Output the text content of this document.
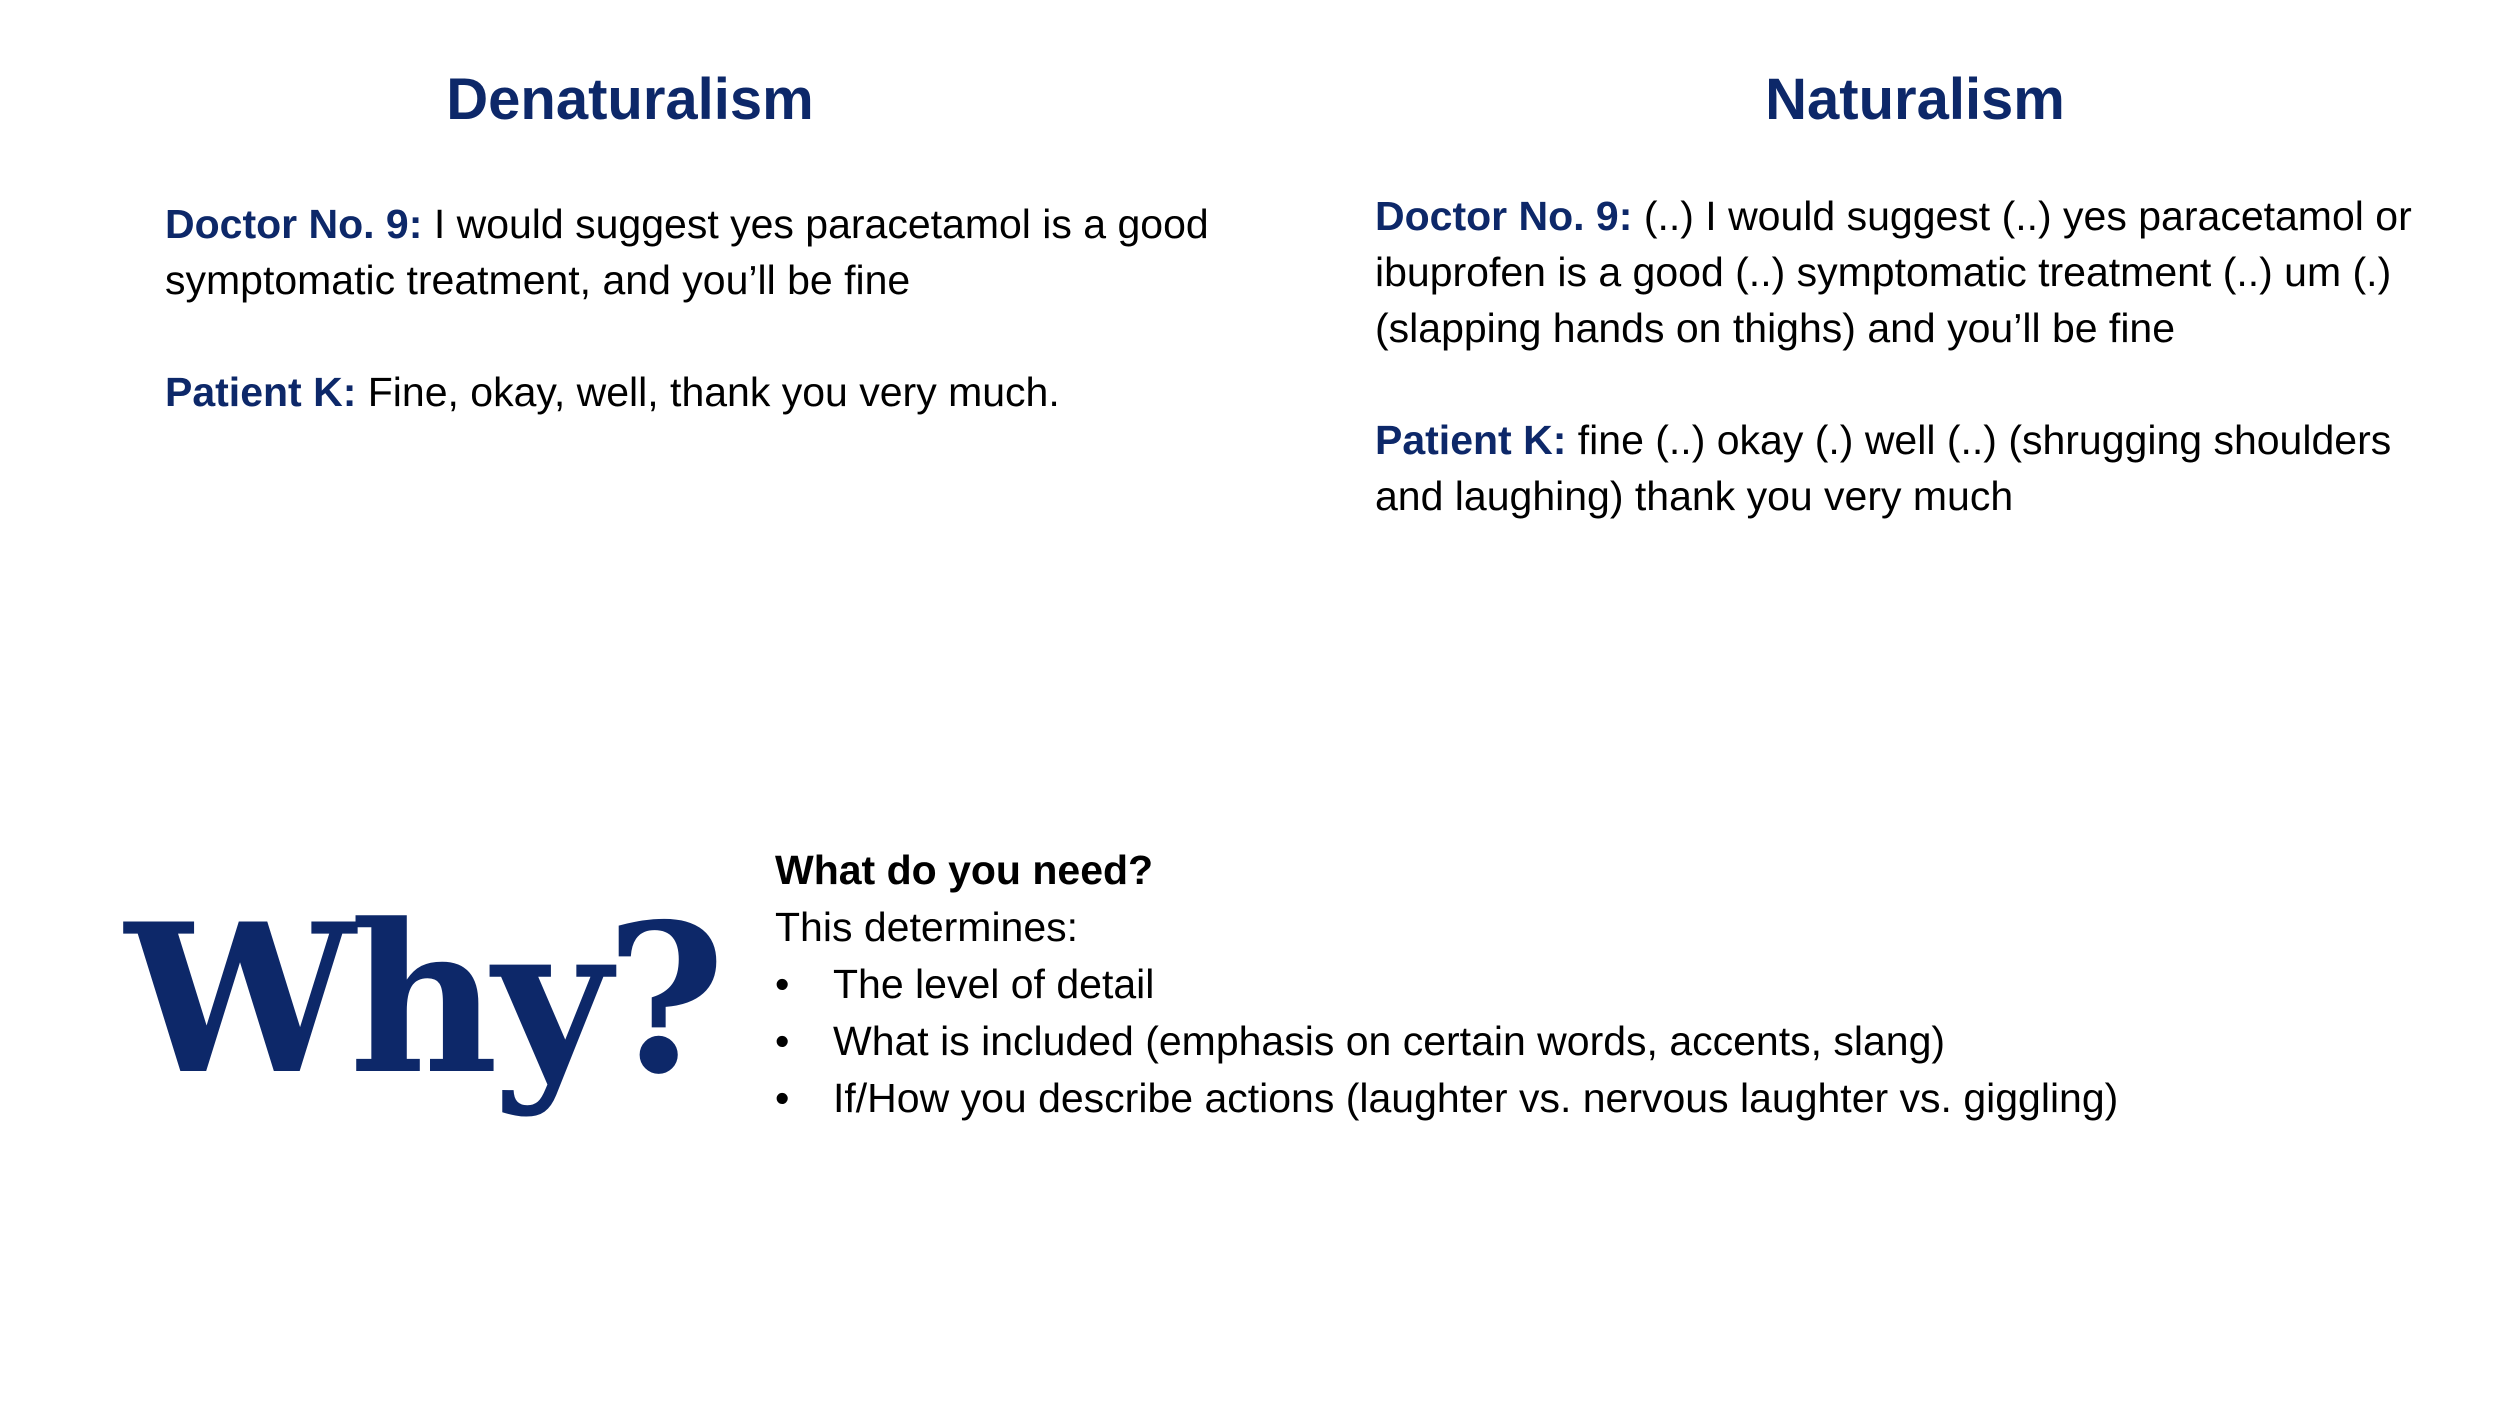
Denaturalism	Naturalism

Doctor No. 9: I would suggest yes paracetamol is a good symptomatic treatment, and you’ll be fine

Patient K: Fine, okay, well, thank you very much.

Doctor No. 9: (..) I would suggest (..) yes paracetamol or ibuprofen is a good (..) symptomatic treatment (..) um (.) (slapping hands on thighs) and you’ll be fine

Patient K: fine (..) okay (.) well (..) (shrugging shoulders and laughing) thank you very much

Why?
What do you need?
This determines:
• The level of detail
• What is included (emphasis on certain words, accents, slang)
• If/How you describe actions (laughter vs. nervous laughter vs. giggling)
